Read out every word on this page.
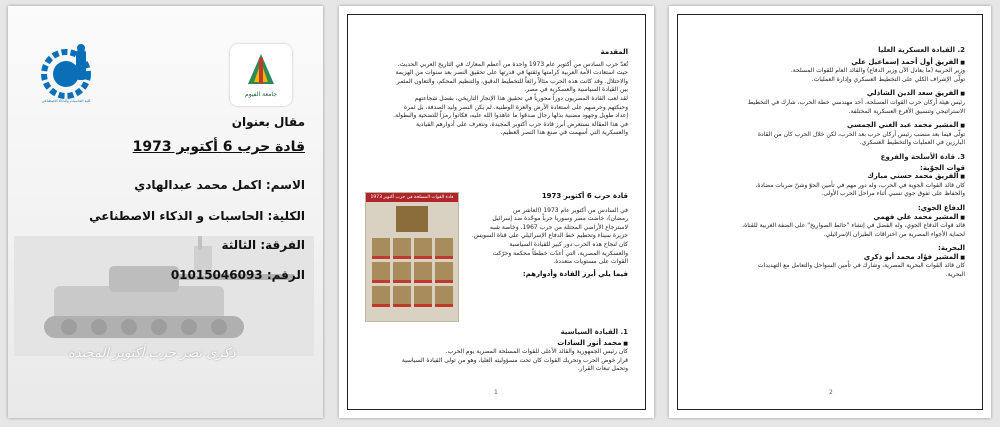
كلية الحاسبات والذكاء الاصطناعي
جامعة الفيوم
مقال بعنوان
قادة حرب 6 أكتوبر 1973
الاسم: اكمل محمد عبدالهادي
الكلية: الحاسبات و الذكاء الاصطناعي
الفرقة: الثالثة
الرقم: 01015046093
ذكرى نصر حرب أكتوبر المجيدة
المقدمة
تُعدّ حرب السادس من أكتوبر عام 1973 واحدة من أعظم المعارك في التاريخ العربي الحديث،
حيث استعادت الأمة العربية كرامتها وثقتها في قدرتها على تحقيق النصر بعد سنوات من الهزيمة
والاحتلال. وقد كانت هذه الحرب مثالاً رائعاً للتخطيط الدقيق، والتنظيم المحكم، والتعاون المثمر
بين القيادة السياسية والعسكرية في مصر.
لقد لعب القادة المصريون دوراً محورياً في تحقيق هذا الإنجاز التاريخي، بفضل شجاعتهم
وحنكتهم وحرصهم على استعادة الأرض والعزة الوطنية. لم يكن النصر وليد الصدفة، بل ثمرة
إعداد طويل وجهود مضنية بذلها رجال صدقوا ما عاهدوا الله عليه، فكانوا رمزاً للتضحية والبطولة.
في هذا المقالة نستعرض أبرز قادة حرب أكتوبر المجيدة، ونتعرف على أدوارهم القيادية
والعسكرية التي أسهمت في صنع هذا النصر العظيم.
قادة حرب 6 أكتوبر 1973
في السادس من أكتوبر عام 1973 (العاشر من
رمضان)، خاضت مصر وسوريا حرباً موحّدة ضد إسرائيل
لاسترجاع الأراضي المحتلة من حرب 1967. وخاصة شبه
جزيرة سيناء وتحطيم خط الدفاع الإسرائيلي على قناة السويس.
كان لنجاح هذه الحرب دور كبير للقيادة السياسية
والعسكرية المصرية، التي أعدّت خططاً محكمة وحرّكت
القوات على مستويات متعددة.
فيما يلي أبرز القادة وأدوارهم:
قادة القوات المسلحة في حرب أكتوبر 1973
1. القيادة السياسية
■ محمد أنور السادات
كان رئيس الجمهورية والقائد الأعلى للقوات المسلحة المصرية يوم الحرب.
قرار خوض الحرب وتحريك القوات كان تحت مسؤوليته العليا، وهو من تولى القيادة السياسية
وتحمل تبعات القرار.
1
2. القيادة العسكرية العليا
■ الفريق أول أحمد إسماعيل علي
وزير الحربية (ما يعادل الآن وزير الدفاع) والقائد العام للقوات المسلحة.
تولّى الإشراف الكلي على التخطيط العسكري وإدارة العمليات.
■ الفريق سعد الدين الشاذلي
رئيس هيئة أركان حرب القوات المسلحة، أحد مهندسي خطة الحرب، شارك في التخطيط
الاستراتيجي وتنسيق الأفرع العسكرية المختلفة.
■ المشير محمد عبد الغني الجمسي
تولّى فيما بعد منصب رئيس أركان حرب بعد الحرب، لكن خلال الحرب كان من القادة
البارزين في العمليات والتخطيط العسكري.
3. قادة الأسلحة والفروع
قوات الجوّية:
■ الفريق محمد حسني مبارك
كان قائد القوات الجوية في الحرب، وله دور مهم في تأمين الجوّ وشنّ ضربات مضادة،
والحفاظ على تفوق جوي نسبي أثناء مراحل الحرب الأولى.
الدفاع الجوي:
■ المشير محمد علي فهمي
قائد قوات الدفاع الجوي، وله الفضل في إنشاء "حائط الصواريخ" على الضفة الغربية للقناة،
لحماية الأجواء المصرية من اختراقات الطيران الإسرائيلي.
البحرية:
■ المشير فؤاد محمد أبو ذكري
كان قائد القوات البحرية المصرية، وشارك في تأمين السواحل والتعامل مع التهديدات
البحرية.
2
